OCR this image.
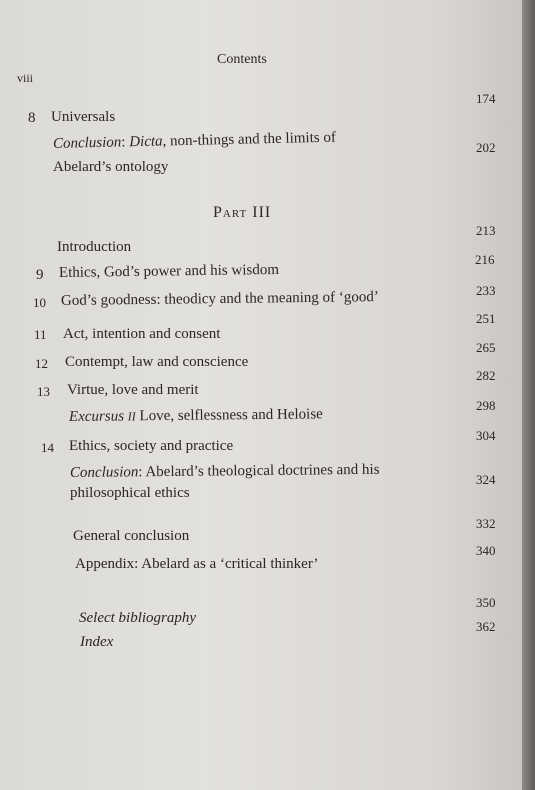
Contents
viii
8 Universals
174
Conclusion: Dicta, non-things and the limits of
Abelard’s ontology
202
Part III
Introduction
213
9 Ethics, God’s power and his wisdom
216
10 God’s goodness: theodicy and the meaning of ‘good’	233
11 Act, intention and consent
251
12 Contempt, law and conscience
265
13 Virtue, love and merit
282
Excursus II Love, selflessness and Heloise
298
14 Ethics, society and practice
304
Conclusion: Abelard’s theological doctrines and his
philosophical ethics
324
General conclusion
332
Appendix: Abelard as a ‘critical thinker’
340
Select bibliography
350
Index
362
